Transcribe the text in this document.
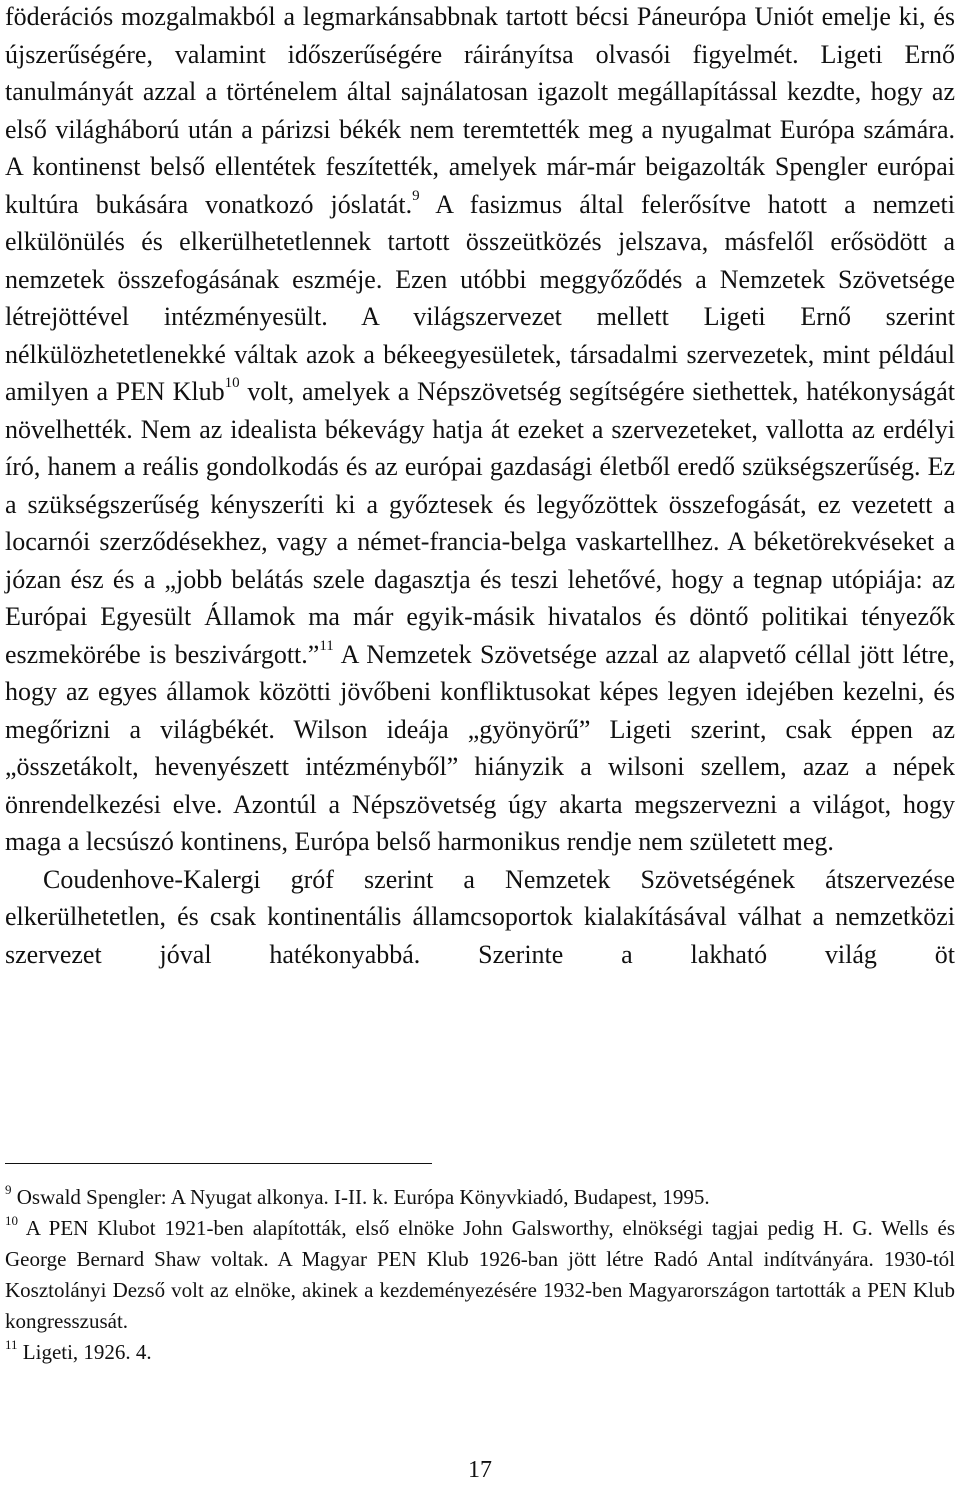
föderációs mozgalmakból a legmarkánsabbnak tartott bécsi Páneurópa Uniót emelje ki, és újszerűségére, valamint időszerűségére ráirányítsa olvasói figyelmét. Ligeti Ernő tanulmányát azzal a történelem által sajnálatosan igazolt megállapítással kezdte, hogy az első világháború után a párizsi békék nem teremtették meg a nyugalmat Európa számára. A kontinenst belső ellentétek feszítették, amelyek már-már beigazolták Spengler európai kultúra bukására vonatkozó jóslatát.$^9$ A fasizmus által felerősítve hatott a nemzeti elkülönülés és elkerülhetetlennek tartott összeütközés jelszava, másfelől erősödött a nemzetek összefogásának eszméje. Ezen utóbbi meggyőződés a Nemzetek Szövetsége létrejöttével intézményesült. A világszervezet mellett Ligeti Ernő szerint nélkülözhetetlenekké váltak azok a békeegyesületek, társadalmi szervezetek, mint például amilyen a PEN Klub$^{10}$ volt, amelyek a Népszövetség segítségére siethettek, hatékonyságát növelhették. Nem az idealista békevágy hatja át ezeket a szervezeteket, vallotta az erdélyi író, hanem a reális gondolkodás és az európai gazdasági életből eredő szükségszerűség. Ez a szükségszerűség kényszeríti ki a győztesek és legyőzöttek összefogását, ez vezetett a locarnói szerződésekhez, vagy a német-francia-belga vaskartellhez. A béketörekvéseket a józan ész és a „jobb belátás szele dagasztja és teszi lehetővé, hogy a tegnap utópiája: az Európai Egyesült Államok ma már egyik-másik hivatalos és döntő politikai tényezők eszmekörébe is beszivárgott.”$^{11}$ A Nemzetek Szövetsége azzal az alapvető céllal jött létre, hogy az egyes államok közötti jövőbeni konfliktusokat képes legyen idejében kezelni, és megőrizni a világbékét. Wilson ideája „gyönyörű” Ligeti szerint, csak éppen az „összetákolt, hevenyészett intézményből” hiányzik a wilsoni szellem, azaz a népek önrendelkezési elve. Azontúl a Népszövetség úgy akarta megszervezni a világot, hogy maga a lecsúszó kontinens, Európa belső harmonikus rendje nem született meg.

Coudenhove-Kalergi gróf szerint a Nemzetek Szövetségének átszervezése elkerülhetetlen, és csak kontinentális államcsoportok kialakításával válhat a nemzetközi szervezet jóval hatékonyabbá. Szerinte a lakható világ öt

$^9$ Oswald Spengler: A Nyugat alkonya. I-II. k. Európa Könyvkiadó, Budapest, 1995.

$^{10}$ A PEN Klubot 1921-ben alapították, első elnöke John Galsworthy, elnökségi tagjai pedig H. G. Wells és George Bernard Shaw voltak. A Magyar PEN Klub 1926-ban jött létre Radó Antal indítványára. 1930-tól Kosztolányi Dezső volt az elnöke, akinek a kezdeményezésére 1932-ben Magyarországon tartották a PEN Klub kongresszusát.

$^{11}$ Ligeti, 1926. 4.

17
